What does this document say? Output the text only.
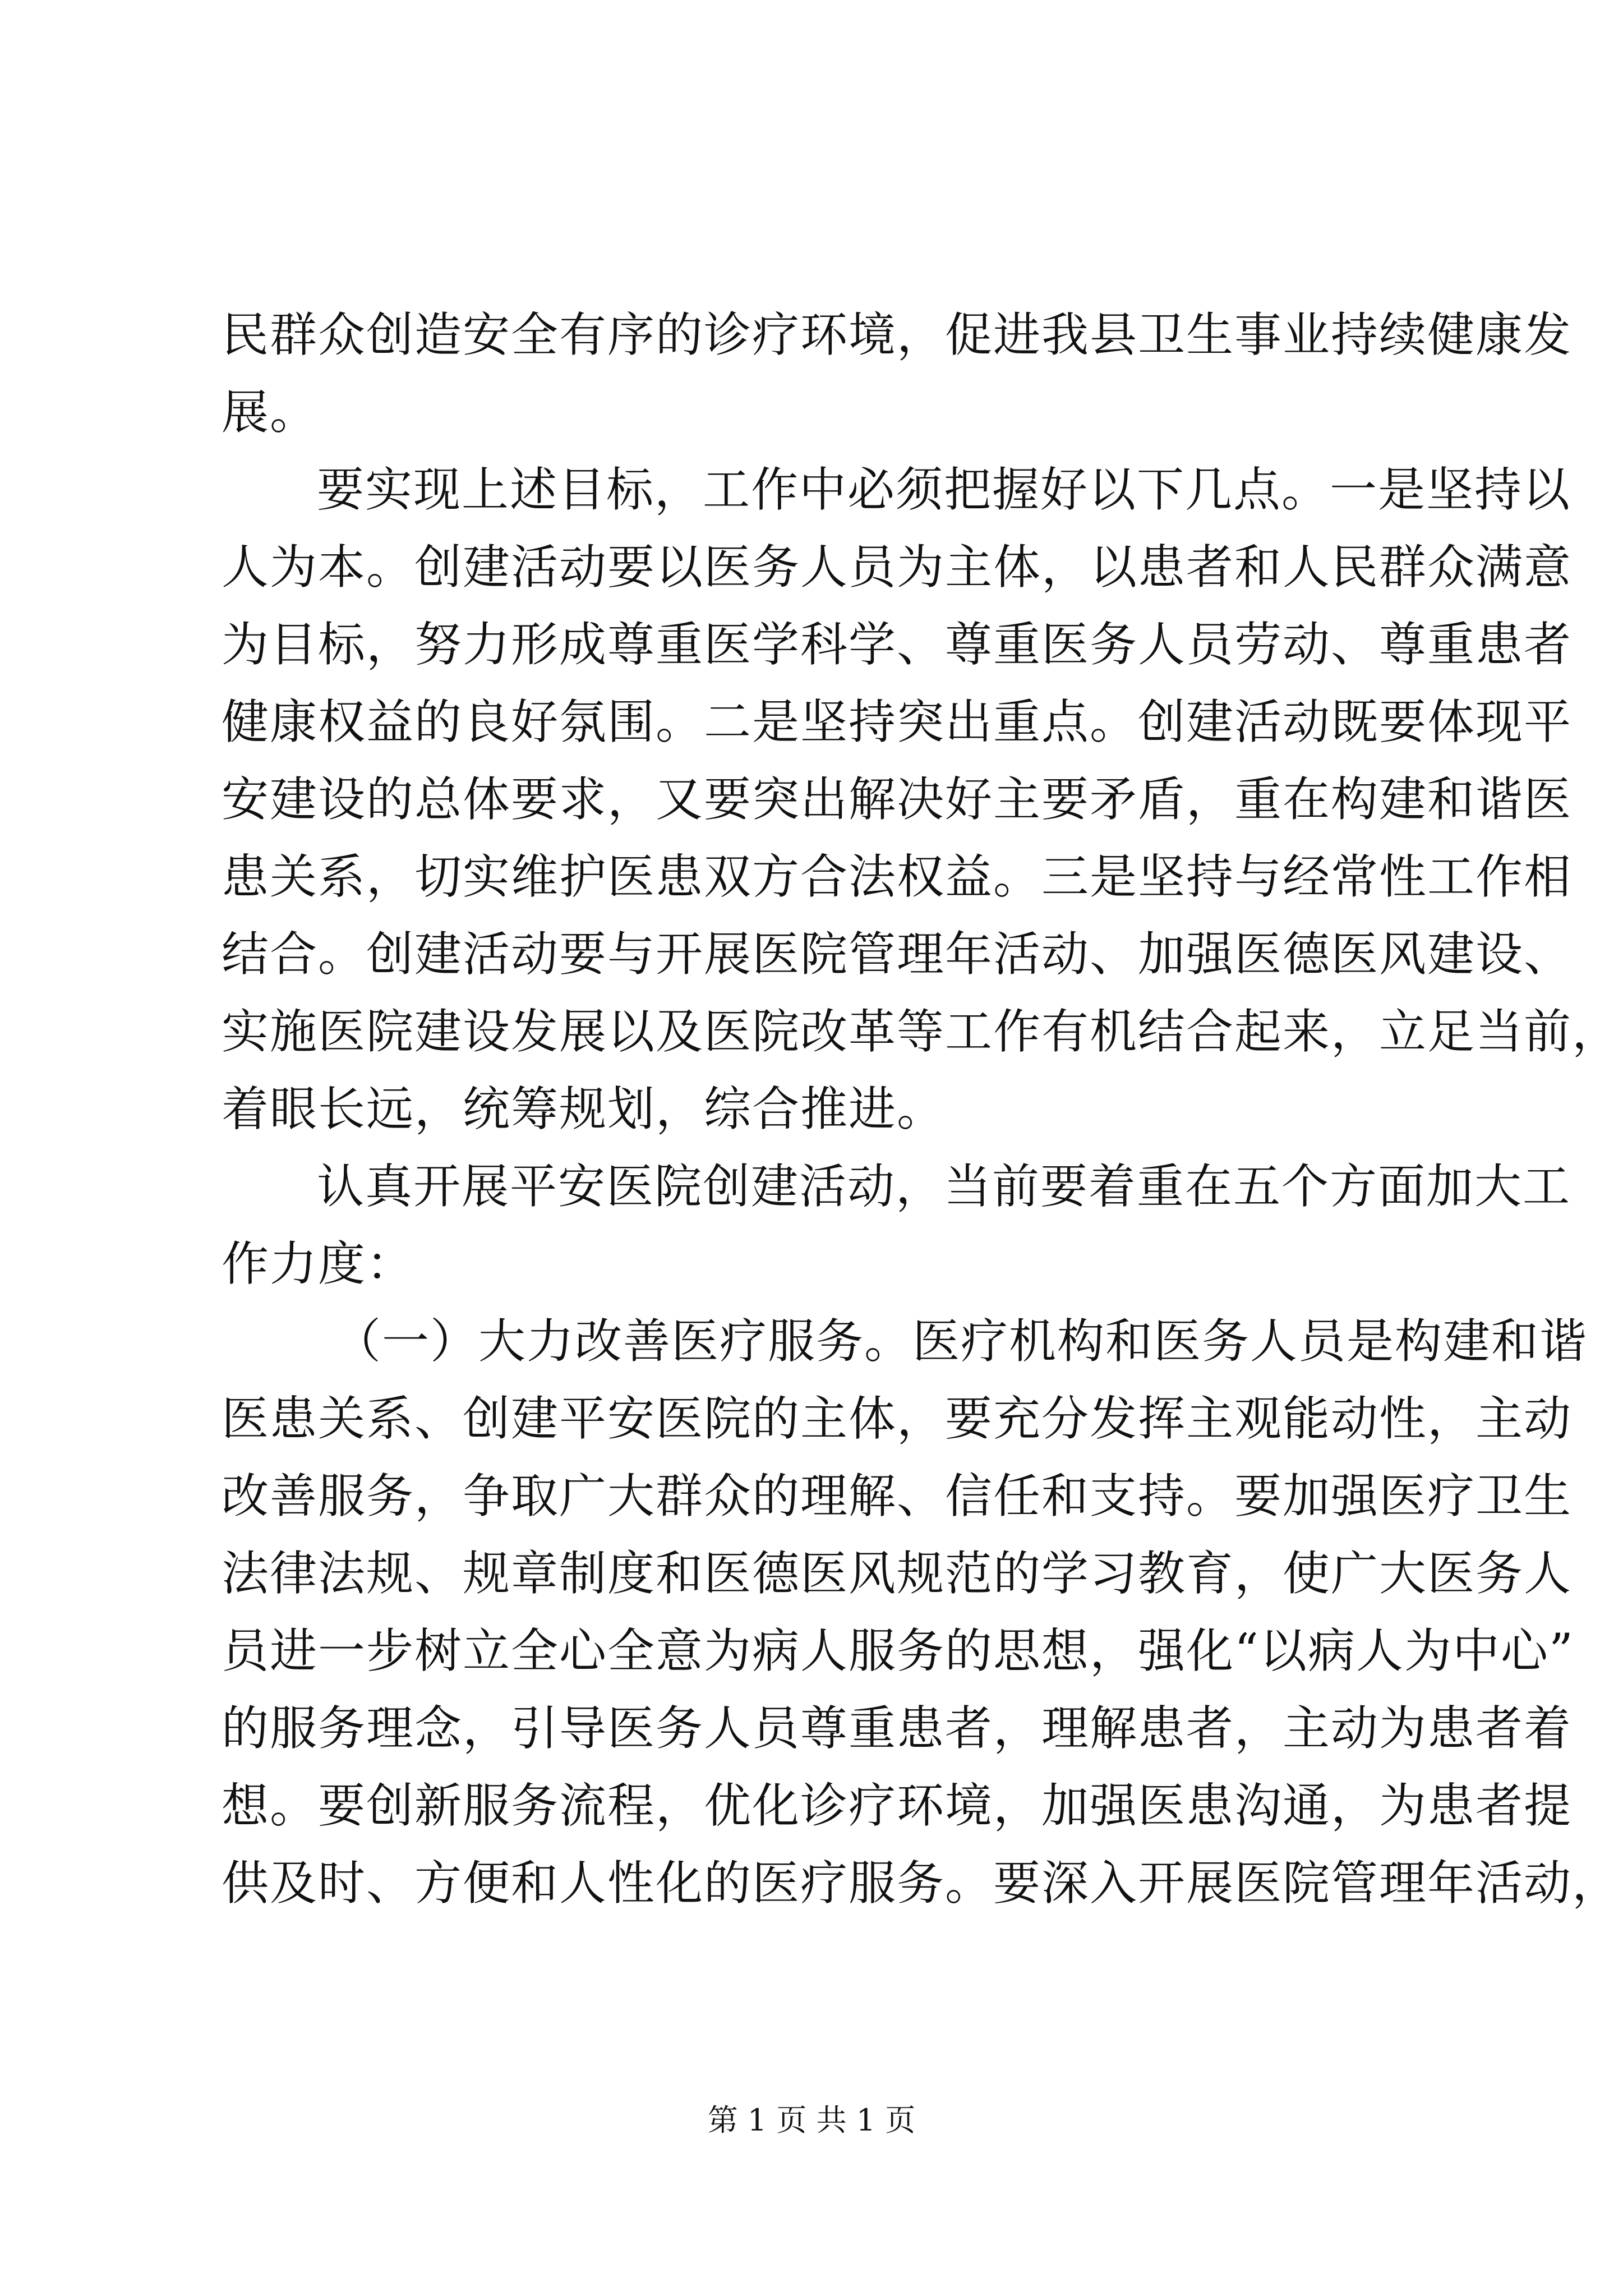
民群众创造安全有序的诊疗环境，促进我县卫生事业持续健康发
展。
要实现上述目标，工作中必须把握好以下几点。一是坚持以
人为本。创建活动要以医务人员为主体，以患者和人民群众满意
为目标，努力形成尊重医学科学、尊重医务人员劳动、尊重患者
健康权益的良好氛围。二是坚持突出重点。创建活动既要体现平
安建设的总体要求，又要突出解决好主要矛盾，重在构建和谐医
患关系，切实维护医患双方合法权益。三是坚持与经常性工作相
结合。创建活动要与开展医院管理年活动、加强医德医风建设、
实施医院建设发展以及医院改革等工作有机结合起来，立足当前，
着眼长远，统筹规划，综合推进。
认真开展平安医院创建活动，当前要着重在五个方面加大工
作力度：
（一）大力改善医疗服务。医疗机构和医务人员是构建和谐
医患关系、创建平安医院的主体，要充分发挥主观能动性，主动
改善服务，争取广大群众的理解、信任和支持。要加强医疗卫生
法律法规、规章制度和医德医风规范的学习教育，使广大医务人
员进一步树立全心全意为病人服务的思想，强化“以病人为中心”
的服务理念，引导医务人员尊重患者，理解患者，主动为患者着
想。要创新服务流程，优化诊疗环境，加强医患沟通，为患者提
供及时、方便和人性化的医疗服务。要深入开展医院管理年活动，
第 1 页 共 1 页
